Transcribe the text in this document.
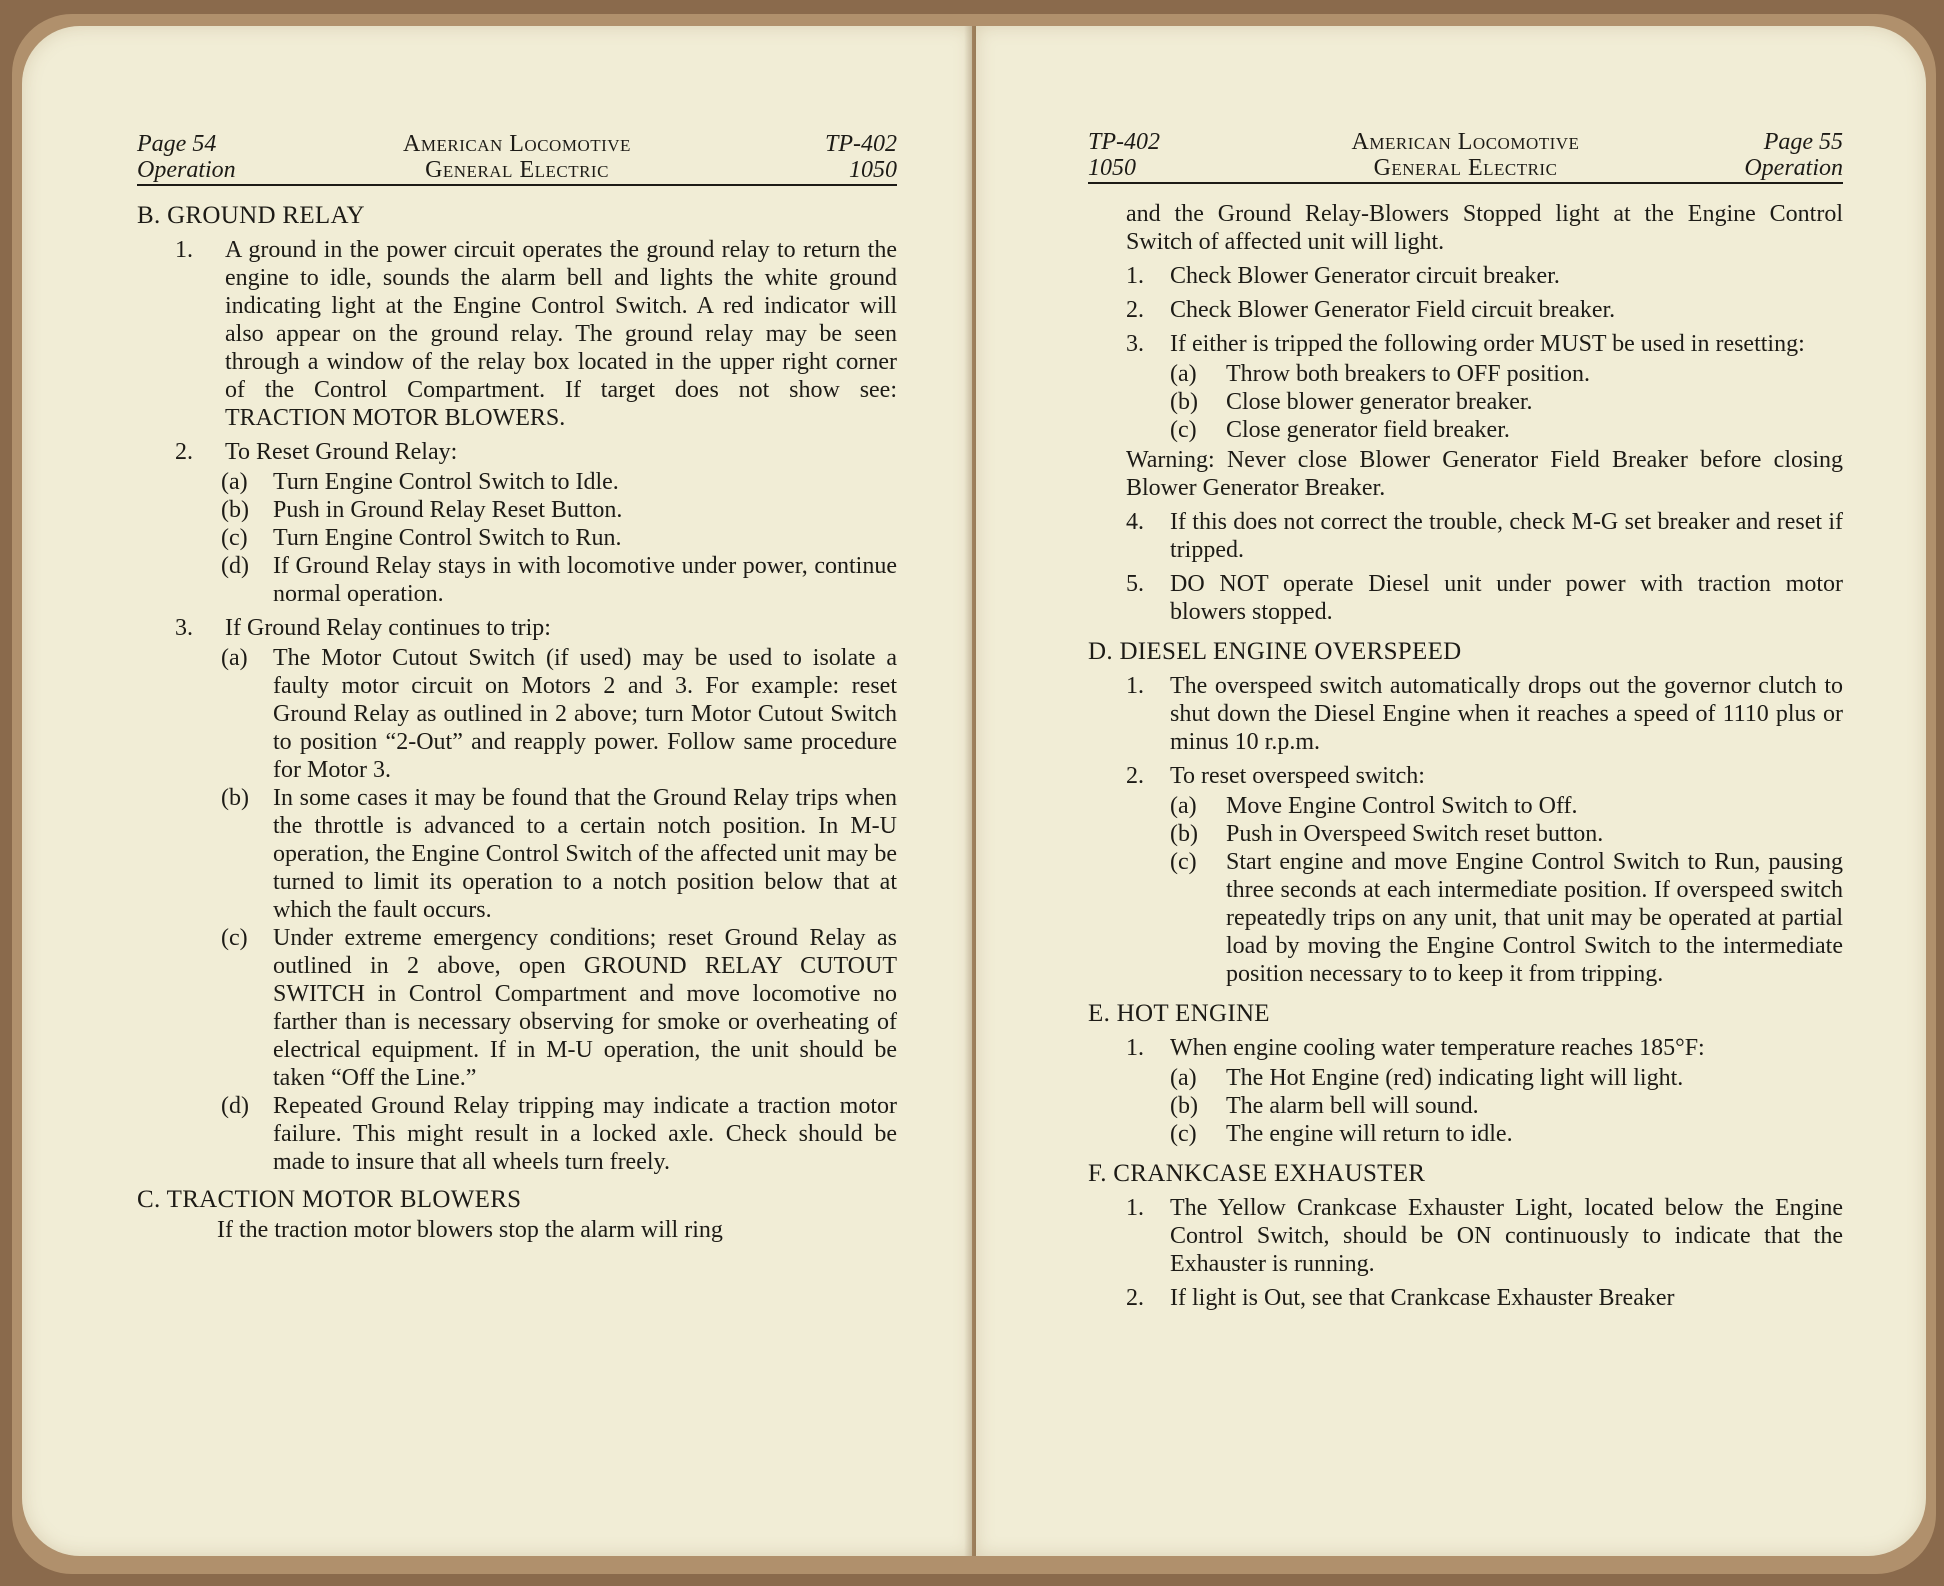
Page 54
Operation
American Locomotive
General Electric
TP-402
1050
B. GROUND RELAY
1. A ground in the power circuit operates the ground relay to return the engine to idle, sounds the alarm bell and lights the white ground indicating light at the Engine Control Switch. A red indicator will also appear on the ground relay. The ground relay may be seen through a window of the relay box located in the upper right corner of the Control Compartment. If target does not show see: TRACTION MOTOR BLOWERS.
2. To Reset Ground Relay:
(a) Turn Engine Control Switch to Idle.
(b) Push in Ground Relay Reset Button.
(c) Turn Engine Control Switch to Run.
(d) If Ground Relay stays in with locomotive under power, continue normal operation.
3. If Ground Relay continues to trip:
(a) The Motor Cutout Switch (if used) may be used to isolate a faulty motor circuit on Motors 2 and 3. For example: reset Ground Relay as outlined in 2 above; turn Motor Cutout Switch to position “2-Out” and reapply power. Follow same procedure for Motor 3.
(b) In some cases it may be found that the Ground Relay trips when the throttle is advanced to a certain notch position. In M-U operation, the Engine Control Switch of the affected unit may be turned to limit its operation to a notch position below that at which the fault occurs.
(c) Under extreme emergency conditions; reset Ground Relay as outlined in 2 above, open GROUND RELAY CUTOUT SWITCH in Control Compartment and move locomotive no farther than is necessary observing for smoke or overheating of electrical equipment. If in M-U operation, the unit should be taken “Off the Line.”
(d) Repeated Ground Relay tripping may indicate a traction motor failure. This might result in a locked axle. Check should be made to insure that all wheels turn freely.
C. TRACTION MOTOR BLOWERS
If the traction motor blowers stop the alarm will ring
TP-402
1050
American Locomotive
General Electric
Page 55
Operation
and the Ground Relay-Blowers Stopped light at the Engine Control Switch of affected unit will light.
1. Check Blower Generator circuit breaker.
2. Check Blower Generator Field circuit breaker.
3. If either is tripped the following order MUST be used in resetting:
(a) Throw both breakers to OFF position.
(b) Close blower generator breaker.
(c) Close generator field breaker.
Warning: Never close Blower Generator Field Breaker before closing Blower Generator Breaker.
4. If this does not correct the trouble, check M-G set breaker and reset if tripped.
5. DO NOT operate Diesel unit under power with traction motor blowers stopped.
D. DIESEL ENGINE OVERSPEED
1. The overspeed switch automatically drops out the governor clutch to shut down the Diesel Engine when it reaches a speed of 1110 plus or minus 10 r.p.m.
2. To reset overspeed switch:
(a) Move Engine Control Switch to Off.
(b) Push in Overspeed Switch reset button.
(c) Start engine and move Engine Control Switch to Run, pausing three seconds at each intermediate position. If overspeed switch repeatedly trips on any unit, that unit may be operated at partial load by moving the Engine Control Switch to the intermediate position necessary to to keep it from tripping.
E. HOT ENGINE
1. When engine cooling water temperature reaches 185°F:
(a) The Hot Engine (red) indicating light will light.
(b) The alarm bell will sound.
(c) The engine will return to idle.
F. CRANKCASE EXHAUSTER
1. The Yellow Crankcase Exhauster Light, located below the Engine Control Switch, should be ON continuously to indicate that the Exhauster is running.
2. If light is Out, see that Crankcase Exhauster Breaker
